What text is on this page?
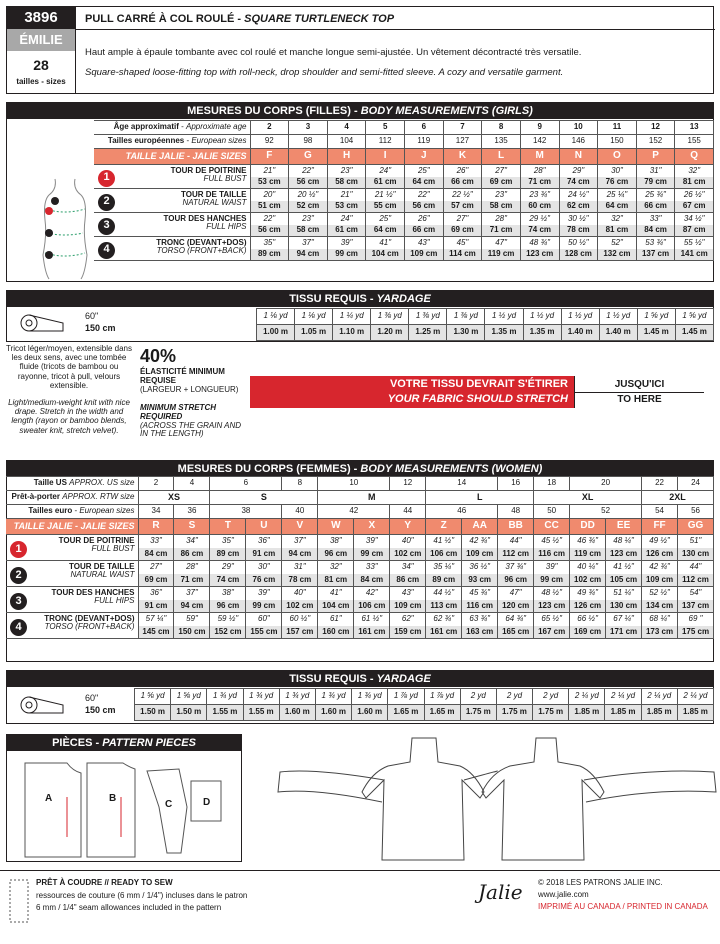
3896
ÉMILIE
28
tailles - sizes
PULL CARRÉ À COL ROULÉ - SQUARE TURTLENECK TOP
Haut ample à épaule tombante avec col roulé et manche longue semi-ajustée. Un vêtement décontracté très versatile.
Square-shaped loose-fitting top with roll-neck, drop shoulder and semi-fitted sleeve. A cozy and versatile garment.
MESURES DU CORPS (FILLES) - BODY MEASUREMENTS (GIRLS)
Âge approximatif - Approximate age	2	3	4	5	6	7	8	9	10	11	12	13
Tailles européennes - European sizes	92	98	104	112	119	127	135	142	146	150	152	155
TAILLE JALIE - JALIE SIZES	F	G	H	I	J	K	L	M	N	O	P	Q

1
TOUR DE POITRINE
FULL BUST	21"	22"	23"	24"	25"	26"	27"	28"	29"	30"	31"	32"
	53 cm	56 cm	58 cm	61 cm	64 cm	66 cm	69 cm	71 cm	74 cm	76 cm	79 cm	81 cm

2
TOUR DE TAILLE
NATURAL WAIST	20"	20 ½"	21"	21 ½"	22"	22 ½"	23"	23 ¾"	24 ½"	25 ¼"	25 ¾"	26 ½"
	51 cm	52 cm	53 cm	55 cm	56 cm	57 cm	58 cm	60 cm	62 cm	64 cm	66 cm	67 cm

3
TOUR DES HANCHES
FULL HIPS	22"	23"	24"	25"	26"	27"	28"	29 ½"	30 ½"	32"	33"	34 ½"
	56 cm	58 cm	61 cm	64 cm	66 cm	69 cm	71 cm	74 cm	78 cm	81 cm	84 cm	87 cm

4
TRONC (DEVANT+DOS)
TORSO (FRONT+BACK)	35"	37"	39"	41"	43"	45"	47"	48 ¾"	50 ½"	52"	53 ¾"	55 ½"
	89 cm	94 cm	99 cm	104 cm	109 cm	114 cm	119 cm	123 cm	128 cm	132 cm	137 cm	141 cm
TISSU REQUIS - YARDAGE
60"
150 cm
1 ⅛ yd	1 ⅛ yd	1 ¼ yd	1 ⅜ yd	1 ⅜ yd	1 ⅜ yd	1 ½ yd	1 ½ yd	1 ½ yd	1 ½ yd	1 ⅝ yd	1 ⅝ yd
1.00 m	1.05 m	1.10 m	1.20 m	1.25 m	1.30 m	1.35 m	1.35 m	1.40 m	1.40 m	1.45 m	1.45 m
Tricot léger/moyen, extensible dans les deux sens, avec une tombée fluide (tricots de bambou ou rayonne, tricot à pull, velours extensible.
Light/medium-weight knit with nice drape. Stretch in the width and length (rayon or bamboo blends, sweater knit, stretch velvet).
40%
ÉLASTICITÉ MINIMUM REQUISE
(LARGEUR + LONGUEUR)
MINIMUM STRETCH REQUIRED
(ACROSS THE GRAIN AND IN THE LENGTH)
VOTRE TISSU DEVRAIT S'ÉTIRER
YOUR FABRIC SHOULD STRETCH
JUSQU'ICI
TO HERE
MESURES DU CORPS (FEMMES) - BODY MEASUREMENTS (WOMEN)
Taille US APPROX. US size	2	4	6		8	10		12	14		16	18	20		22	24
Prêt-à-porter APPROX. RTW size	XS		S			M			L			XL			2XL	
Tailles euro - European sizes	34	36	38		40	42		44	46		48	50	52		54	56
TAILLE JALIE - JALIE SIZES	R	S	T	U	V	W	X	Y	Z	AA	BB	CC	DD	EE	FF	GG

1
TOUR DE POITRINE
FULL BUST	33"	34"	35"	36"	37"	38"	39"	40"	41 ½"	42 ¾"	44"	45 ½"	46 ¾"	48 ¼"	49 ½"	51"
	84 cm	86 cm	89 cm	91 cm	94 cm	96 cm	99 cm	102 cm	106 cm	109 cm	112 cm	116 cm	119 cm	123 cm	126 cm	130 cm

2
TOUR DE TAILLE
NATURAL WAIST	27"	28"	29"	30"	31"	32"	33"	34"	35 ¼"	36 ½"	37 ¾"	39"	40 ¼"	41 ½"	42 ¾"	44"
	69 cm	71 cm	74 cm	76 cm	78 cm	81 cm	84 cm	86 cm	89 cm	93 cm	96 cm	99 cm	102 cm	105 cm	109 cm	112 cm

3
TOUR DES HANCHES
FULL HIPS	36"	37"	38"	39"	40"	41"	42"	43"	44 ½"	45 ¾"	47"	48 ½"	49 ¾"	51 ¼"	52 ½"	54"
	91 cm	94 cm	96 cm	99 cm	102 cm	104 cm	106 cm	109 cm	113 cm	116 cm	120 cm	123 cm	126 cm	130 cm	134 cm	137 cm

4
TRONC (DEVANT+DOS)
TORSO (FRONT+BACK)	57 ¼"	59"	59 ½"	60"	60 ½"	61"	61 ½"	62"	62 ¾"	63 ¾"	64 ¾"	65 ½"	66 ½"	67 ¼"	68 ¼"	69 "
	145 cm	150 cm	152 cm	155 cm	157 cm	160 cm	161 cm	159 cm	161 cm	163 cm	165 cm	167 cm	169 cm	171 cm	173 cm	175 cm
TISSU REQUIS - YARDAGE
60"
150 cm
1 ⅝ yd	1 ⅝ yd	1 ¾ yd	1 ¾ yd	1 ¾ yd	1 ¾ yd	1 ¾ yd	1 ⅞ yd	1 ⅞ yd	2 yd	2 yd	2 yd	2 ¼ yd	2 ¼ yd	2 ¼ yd	2 ¼ yd
1.50 m	1.50 m	1.55 m	1.55 m	1.60 m	1.60 m	1.60 m	1.65 m	1.65 m	1.75 m	1.75 m	1.75 m	1.85 m	1.85 m	1.85 m	1.85 m
PIÈCES - PATTERN PIECES
A	B
C	D
PRÊT À COUDRE // READY TO SEW
ressources de couture (6 mm / 1/4") incluses dans le patron
6 mm / 1/4" seam allowances included in the pattern
Jalie © 2018 LES PATRONS JALIE INC.
www.jalie.com
IMPRIMÉ AU CANADA / PRINTED IN CANADA
